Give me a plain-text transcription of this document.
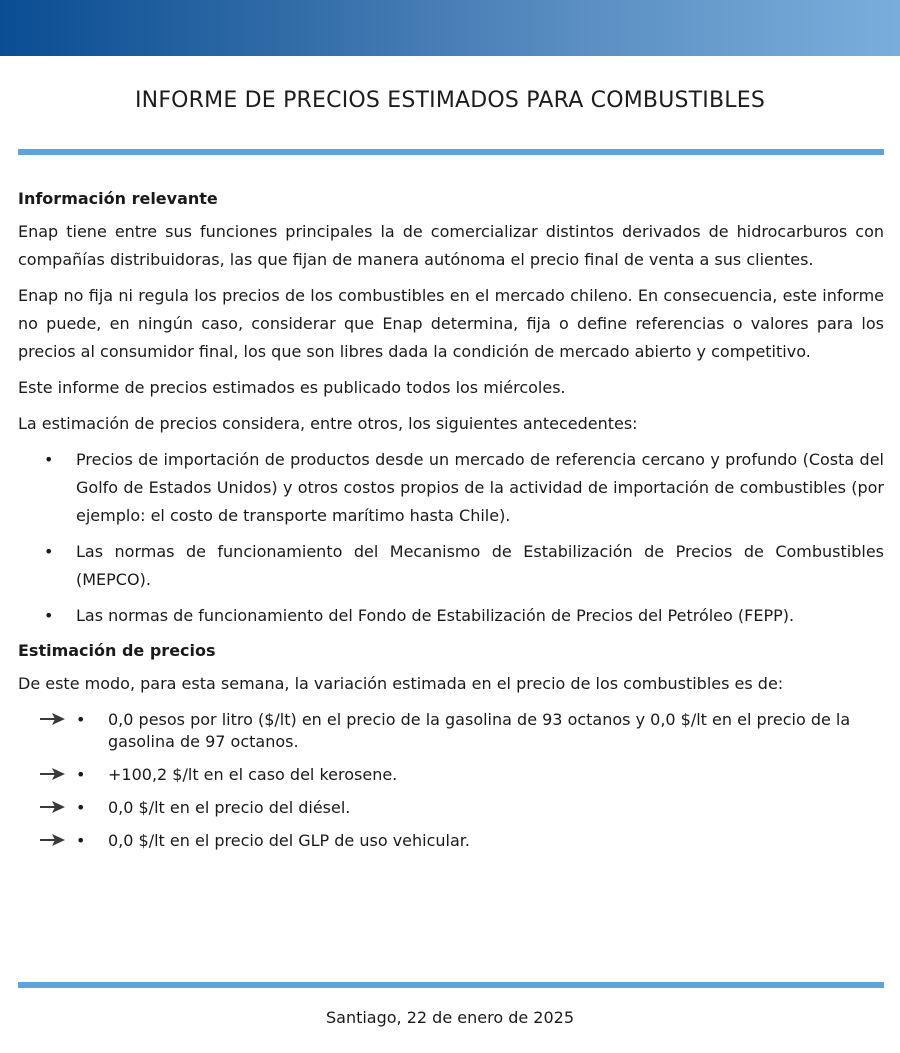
INFORME DE PRECIOS ESTIMADOS PARA COMBUSTIBLES
Información relevante

Enap tiene entre sus funciones principales la de comercializar distintos derivados de hidrocarburos con compañías distribuidoras, las que fijan de manera autónoma el precio final de venta a sus clientes.

Enap no fija ni regula los precios de los combustibles en el mercado chileno. En consecuencia, este informe no puede, en ningún caso, considerar que Enap determina, fija o define referencias o valores para los precios al consumidor final, los que son libres dada la condición de mercado abierto y competitivo.

Este informe de precios estimados es publicado todos los miércoles.

La estimación de precios considera, entre otros, los siguientes antecedentes:

• Precios de importación de productos desde un mercado de referencia cercano y profundo (Costa del Golfo de Estados Unidos) y otros costos propios de la actividad de importación de combustibles (por ejemplo: el costo de transporte marítimo hasta Chile).
• Las normas de funcionamiento del Mecanismo de Estabilización de Precios de Combustibles (MEPCO).
• Las normas de funcionamiento del Fondo de Estabilización de Precios del Petróleo (FEPP).
Estimación de precios

De este modo, para esta semana, la variación estimada en el precio de los combustibles es de:

• 0,0 pesos por litro ($/lt) en el precio de la gasolina de 93 octanos y 0,0 $/lt en el precio de la gasolina de 97 octanos.
• +100,2 $/lt en el caso del kerosene.
• 0,0 $/lt en el precio del diésel.
• 0,0 $/lt en el precio del GLP de uso vehicular.
Santiago, 22 de enero de 2025
